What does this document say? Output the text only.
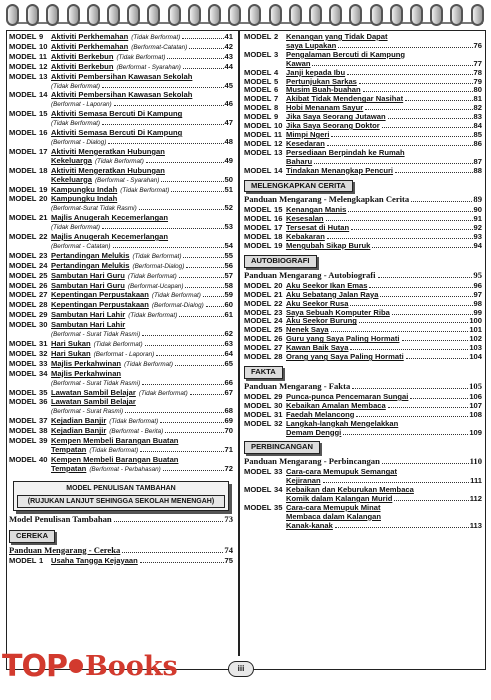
MODEL 9	Aktiviti Perkhemahan (Tidak Berformat)	41
MODEL 10 Aktiviti Perkhemahan (Berformat-Catatan)	42
MODEL 11 Aktiviti Berkebun (Tidak Berformat)	43
MODEL 12 Aktiviti Berkebun (Berformat - Syarahan)	44
MODEL 13 Aktiviti Pembersihan Kawasan Sekolah
(Tidak Berformat)	45
MODEL 14 Aktiviti Pembersihan Kawasan Sekolah
(Berformat - Laporan)	46
MODEL 15 Aktiviti Semasa Bercuti Di Kampung
(Tidak Berformat)	47
MODEL 16 Aktiviti Semasa Bercuti Di Kampung
(Berformat - Dialog)	48
MODEL 17 Aktiviti Mengeratkan Hubungan
Kekeluarga (Tidak Berformat)	49
MODEL 18 Aktiviti Mengeratkan Hubungan
Kekeluarga (Berformat - Syarahan)	50
MODEL 19 Kampungku Indah (Tidak Berformat)	51
MODEL 20 Kampungku Indah
(Berformat-Surat Tidak Rasmi)	52
MODEL 21 Majlis Anugerah Kecemerlangan
(Tidak Berformat)	53
MODEL 22 Majlis Anugerah Kecemerlangan
(Berformat - Catatan)	54
MODEL 23 Pertandingan Melukis (Tidak Berformat)	55
MODEL 24 Pertandingan Melukis (Berformat-Dialog)	56
MODEL 25 Sambutan Hari Guru (Tidak Berformat)	57
MODEL 26 Sambutan Hari Guru (Berformat-Ucapan)	58
MODEL 27 Kepentingan Perpustakaan (Tidak Berformat)	59
MODEL 28 Kepentingan Perpustakaan (Berformat-Dialog)	60
MODEL 29 Sambutan Hari Lahir (Tidak Berformat)	61
MODEL 30 Sambutan Hari Lahir
(Berformat - Surat Tidak Rasmi)	62
MODEL 31 Hari Sukan (Tidak Berformat)	63
MODEL 32 Hari Sukan (Berformat - Laporan)	64
MODEL 33 Majlis Perkahwinan (Tidak Berformat)	65
MODEL 34 Majlis Perkahwinan
(Berformat - Surat Tidak Rasmi)	66
MODEL 35 Lawatan Sambil Belajar (Tidak Berformat)	67
MODEL 36 Lawatan Sambil Belajar
(Berformat - Surat Rasmi)	68
MODEL 37 Kejadian Banjir (Tidak Berformat)	69
MODEL 38 Kejadian Banjir (Berformat - Berita)	70
MODEL 39 Kempen Membeli Barangan Buatan
Tempatan (Tidak Berformat)	71
MODEL 40 Kempen Membeli Barangan Buatan
Tempatan (Berformat - Perbahasan)	72
MODEL PENULISAN TAMBAHAN
(RUJUKAN LANJUT SEHINGGA SEKOLAH MENENGAH)
Model Penulisan Tambahan	73
CEREKA
Panduan Mengarang - Cereka	74
MODEL 1	Usaha Tangga Kejayaan	75
MODEL 2	Kenangan yang Tidak Dapat
saya Lupakan	76
MODEL 3	Pengalaman Bercuti di Kampung
Kawan	77
MODEL 4	Janji kepada Ibu	78
MODEL 5	Pertunjukan Sarkas	79
MODEL 6	Musim Buah-buahan	80
MODEL 7	Akibat Tidak Mendengar Nasihat	81
MODEL 8	Hobi Menanam Sayur	82
MODEL 9	Jika Saya Seorang Jutawan	83
MODEL 10 Jika Saya Seorang Doktor	84
MODEL 11 Mimpi Ngeri	85
MODEL 12 Kesedaran	86
MODEL 13 Persediaan Berpindah ke Rumah
Baharu	87
MODEL 14 Tindakan Menangkap Pencuri	88
MELENGKAPKAN CERITA
Panduan Mengarang - Melengkapkan Cerita	89
MODEL 15 Kenangan Manis	90
MODEL 16 Kesesalan	91
MODEL 17 Tersesat di Hutan	92
MODEL 18 Kebakaran	93
MODEL 19 Mengubah Sikap Buruk	94
AUTOBIOGRAFI
Panduan Mengarang - Autobiografi	95
MODEL 20 Aku Seekor Ikan Emas	96
MODEL 21 Aku Sebatang Jalan Raya	97
MODEL 22 Aku Seekor Rusa	98
MODEL 23 Saya Sebuah Komputer Riba	99
MODEL 24 Aku Seekor Burung	100
MODEL 25 Nenek Saya	101
MODEL 26 Guru yang Saya Paling Hormati	102
MODEL 27 Kawan Baik Saya	103
MODEL 28 Orang yang Saya Paling Hormati	104
FAKTA
Panduan Mengarang - Fakta	105
MODEL 29 Punca-punca Pencemaran Sungai	106
MODEL 30 Kebaikan Amalan Membaca	107
MODEL 31 Faedah Melancong	108
MODEL 32 Langkah-langkah Mengelakkan
Demam Denggi	109
PERBINCANGAN
Panduan Mengarang - Perbincangan	110
MODEL 33 Cara-cara Memupuk Semangat
Kejiranan	111
MODEL 34 Kebaikan dan Keburukan Membaca
Komik dalam Kalangan Murid	112
MODEL 35 Cara-cara Memupuk Minat
Membaca dalam Kalangan
Kanak-kanak	113
TOP Books	iii
